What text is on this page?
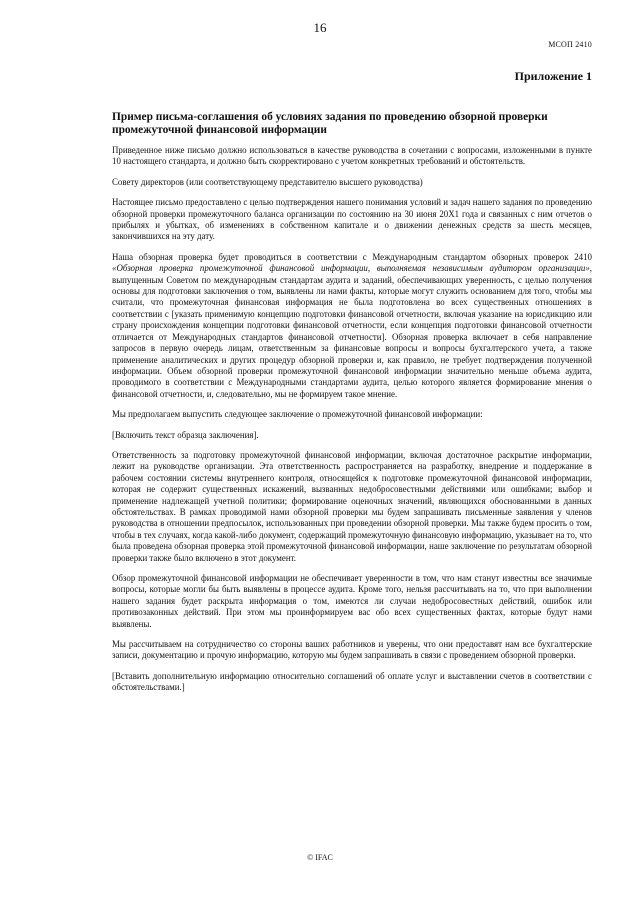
16
МСОП 2410
Приложение 1
Пример письма-соглашения об условиях задания по проведению обзорной проверки промежуточной финансовой информации

Приведенное ниже письмо должно использоваться в качестве руководства в сочетании с вопросами, изложенными в пункте 10 настоящего стандарта, и должно быть скорректировано с учетом конкретных требований и обстоятельств.

Совету директоров (или соответствующему представителю высшего руководства)

Настоящее письмо предоставлено с целью подтверждения нашего понимания условий и задач нашего задания по проведению обзорной проверки промежуточного баланса организации по состоянию на 30 июня 20X1 года и связанных с ним отчетов о прибылях и убытках, об изменениях в собственном капитале и о движении денежных средств за шесть месяцев, закончившихся на эту дату.

Наша обзорная проверка будет проводиться в соответствии с Международным стандартом обзорных проверок 2410 «Обзорная проверка промежуточной финансовой информации, выполняемая независимым аудитором организации», выпущенным Советом по международным стандартам аудита и заданий, обеспечивающих уверенность, с целью получения основы для подготовки заключения о том, выявлены ли нами факты, которые могут служить основанием для того, чтобы мы считали, что промежуточная финансовая информация не была подготовлена во всех существенных отношениях в соответствии с [указать применимую концепцию подготовки финансовой отчетности, включая указание на юрисдикцию или страну происхождения концепции подготовки финансовой отчетности, если концепция подготовки финансовой отчетности отличается от Международных стандартов финансовой отчетности]. Обзорная проверка включает в себя направление запросов в первую очередь лицам, ответственным за финансовые вопросы и вопросы бухгалтерского учета, а также применение аналитических и других процедур обзорной проверки и, как правило, не требует подтверждения полученной информации. Объем обзорной проверки промежуточной финансовой информации значительно меньше объема аудита, проводимого в соответствии с Международными стандартами аудита, целью которого является формирование мнения о финансовой отчетности, и, следовательно, мы не формируем такое мнение.

Мы предполагаем выпустить следующее заключение о промежуточной финансовой информации:

[Включить текст образца заключения].

Ответственность за подготовку промежуточной финансовой информации, включая достаточное раскрытие информации, лежит на руководстве организации. Эта ответственность распространяется на разработку, внедрение и поддержание в рабочем состоянии системы внутреннего контроля, относящейся к подготовке промежуточной финансовой информации, которая не содержит существенных искажений, вызванных недобросовестными действиями или ошибками; выбор и применение надлежащей учетной политики; формирование оценочных значений, являющихся обоснованными в данных обстоятельствах. В рамках проводимой нами обзорной проверки мы будем запрашивать письменные заявления у членов руководства в отношении предпосылок, использованных при проведении обзорной проверки. Мы также будем просить о том, чтобы в тех случаях, когда какой-либо документ, содержащий промежуточную финансовую информацию, указывает на то, что была проведена обзорная проверка этой промежуточной финансовой информации, наше заключение по результатам обзорной проверки также было включено в этот документ.

Обзор промежуточной финансовой информации не обеспечивает уверенности в том, что нам станут известны все значимые вопросы, которые могли бы быть выявлены в процессе аудита. Кроме того, нельзя рассчитывать на то, что при выполнении нашего задания будет раскрыта информация о том, имеются ли случаи недобросовестных действий, ошибок или противозаконных действий. При этом мы проинформируем вас обо всех существенных фактах, которые будут нами выявлены.

Мы рассчитываем на сотрудничество со стороны ваших работников и уверены, что они предоставят нам все бухгалтерские записи, документацию и прочую информацию, которую мы будем запрашивать в связи с проведением обзорной проверки.

[Вставить дополнительную информацию относительно соглашений об оплате услуг и выставлении счетов в соответствии с обстоятельствами.]

© IFAC
